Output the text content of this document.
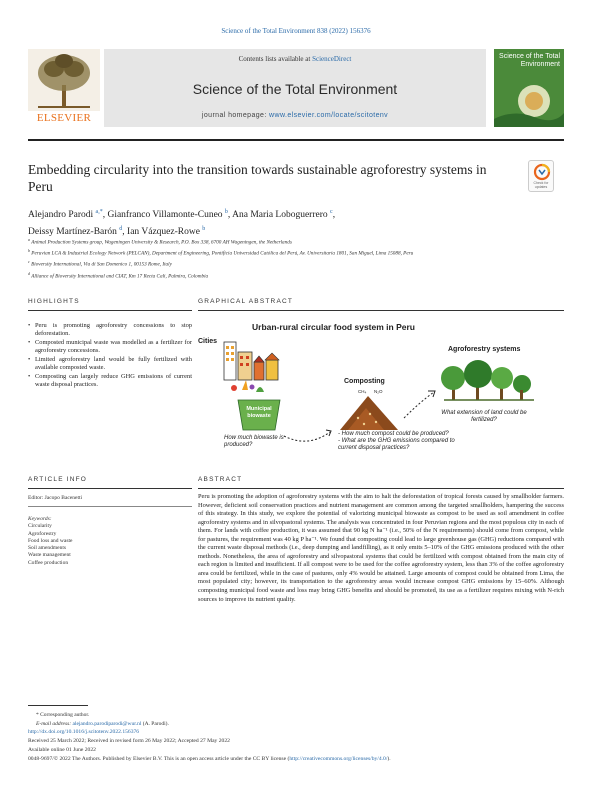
Science of the Total Environment 838 (2022) 156376
ELSEVIER
Contents lists available at ScienceDirect
Science of the Total Environment
journal homepage: www.elsevier.com/locate/scitotenv
Science of the Total Environment
Embedding circularity into the transition towards sustainable agroforestry systems in Peru	Check for updates
Alejandro Parodi $^{a,*}$, Gianfranco Villamonte-Cuneo $^b$, Ana Maria Loboguerrero $^c$,
Deissy Martínez-Barón $^d$, Ian Vázquez-Rowe $^b$
$^a$ Animal Production Systems group, Wageningen University & Research, P.O. Box 338, 6700 AH Wageningen, the Netherlands
$^b$ Peruvian LCA & Industrial Ecology Network (PELCAN), Department of Engineering, Pontificia Universidad Católica del Perú, Av. Universitaria 1801, San Miguel, Lima 15088, Peru
$^c$ Bioversity International, Via di San Domenico 1, 00153 Rome, Italy
$^d$ Alliance of Bioversity International and CIAT, Km 17 Recta Cali, Palmira, Colombia
HIGHLIGHTS	GRAPHICAL ABSTRACT
• Peru is promoting agroforestry concessions to stop deforestation.
• Composted municipal waste was modelled as a fertilizer for agroforestry concessions.
• Limited agroforestry land would be fully fertilized with available composted waste.
• Composting can largely reduce GHG emissions of current waste disposal practices.
Urban-rural circular food system in Peru
Cities
Municipal biowaste
Composting
CH₄ N₂O
Agroforestry systems
How much biowaste is produced?
What extension of land could be fertilized?
- How much compost could be produced?
- What are the GHG emissions compared to current disposal practices?
ARTICLE INFO	ABSTRACT
Editor: Jacopo Bacenetti
Keywords:
Circularity
Agroforestry
Food loss and waste
Soil amendments
Waste management
Coffee production
Peru is promoting the adoption of agroforestry systems with the aim to halt the deforestation of tropical forests caused by smallholder farmers. However, deficient soil conservation practices and nutrient management are common among the targeted smallholders, hampering the success of this strategy. In this study, we explore the potential of valorizing municipal biowaste as compost to be used as soil amendment in coffee agroforestry systems and in silvopastoral systems. The analysis was concentrated in four Peruvian regions and the most populous city in each of them. For lands with coffee production, it was assumed that 90 kg N ha⁻¹ (i.e., 50% of the N requirements) should come from compost, while for pastures, the requirement was 40 kg P ha⁻¹. We found that composting could lead to large greenhouse gas (GHG) reductions compared with the current waste disposal methods (i.e., deep dumping and landfilling), as it only emits 5–10% of the GHG emissions produced with the other methods. Nonetheless, the area of agroforestry and silvopastoral systems that could be fertilized with compost obtained from the main city of each region is limited and insufficient. If all compost were to be used for the coffee agroforestry system, less than 3% of the coffee agroforestry area could be fertilized, while in the case of pastures, only 4% would be attained. Large amounts of compost could be obtained from Lima, the most populated city; however, its transportation to the agroforestry areas would increase compost GHG emissions by 15–60%. Although composting municipal food waste and loss may bring GHG benefits and should be promoted, its use as a fertilizer requires mixing with N-rich sources to improve its nutrient quality.
* Corresponding author.
E-mail address: alejandro.parodiparodi@wur.nl (A. Parodi).
http://dx.doi.org/10.1016/j.scitotenv.2022.156376
Received 25 March 2022; Received in revised form 26 May 2022; Accepted 27 May 2022
Available online 01 June 2022
0048-9697/© 2022 The Authors. Published by Elsevier B.V. This is an open access article under the CC BY license (http://creativecommons.org/licenses/by/4.0/).
